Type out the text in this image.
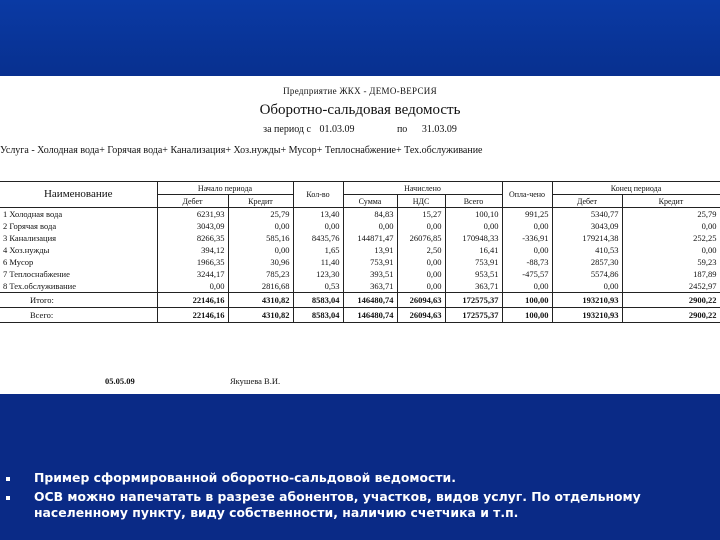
Предприятие ЖКХ - ДЕМО-ВЕРСИЯ
Оборотно-сальдовая ведомость
за период с 01.03.09	по 31.03.09
Услуга - Холодная вода+ Горячая вода+ Канализация+ Хоз.нужды+ Мусор+ Теплоснабжение+ Тех.обслуживание
Наименование	Начало периода		Кол-во	Начислено			Опла-чено	Конец периода	
	Дебет	Кредит		Сумма	НДС	Всего		Дебет	Кредит
1 Холодная вода	6231,93	25,79	13,40	84,83	15,27	100,10	991,25	5340,77	25,79
2 Горячая вода	3043,09	0,00	0,00	0,00	0,00	0,00	0,00	3043,09	0,00
3 Канализация	8266,35	585,16	8435,76	144871,47	26076,85	170948,33	-336,91	179214,38	252,25
4 Хоз.нужды	394,12	0,00	1,65	13,91	2,50	16,41	0,00	410,53	0,00
6 Мусор	1966,35	30,96	11,40	753,91	0,00	753,91	-88,73	2857,30	59,23
7 Теплоснабжение	3244,17	785,23	123,30	393,51	0,00	953,51	-475,57	5574,86	187,89
8 Тех.обслуживание	0,00	2816,68	0,53	363,71	0,00	363,71	0,00	0,00	2452,97
Итого:	22146,16	4310,82	8583,04	146480,74	26094,63	172575,37	100,00	193210,93	2900,22
Всего:	22146,16	4310,82	8583,04	146480,74	26094,63	172575,37	100,00	193210,93	2900,22
05.05.09	Якушева В.И.
Пример сформированной оборотно-сальдовой ведомости.
ОСВ можно напечатать в разрезе абонентов, участков, видов услуг. По отдельному населенному пункту, виду собственности, наличию счетчика и т.п.
